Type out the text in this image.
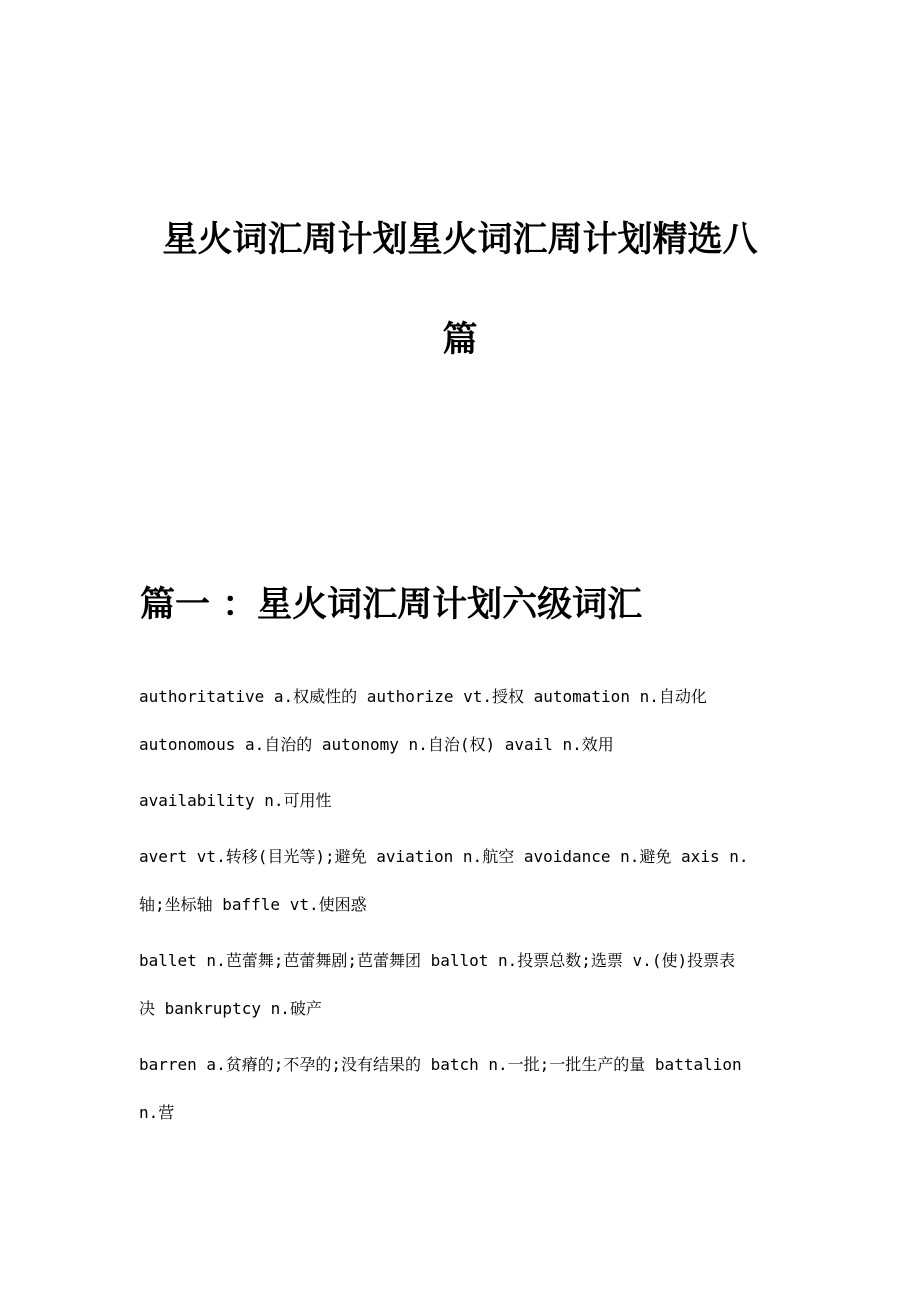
星火词汇周计划星火词汇周计划精选八
篇
篇一 ：星火词汇周计划六级词汇

authoritative a.权威性的 authorize vt.授权 automation n.自动化

autonomous a.自治的 autonomy n.自治(权) avail n.效用

availability n.可用性

avert vt.转移(目光等);避免 aviation n.航空 avoidance n.避免 axis n.

轴;坐标轴 baffle vt.使困惑

ballet n.芭蕾舞;芭蕾舞剧;芭蕾舞团 ballot n.投票总数;选票 v.(使)投票表

决 bankruptcy n.破产

barren a.贫瘠的;不孕的;没有结果的 batch n.一批;一批生产的量 battalion

n.营
